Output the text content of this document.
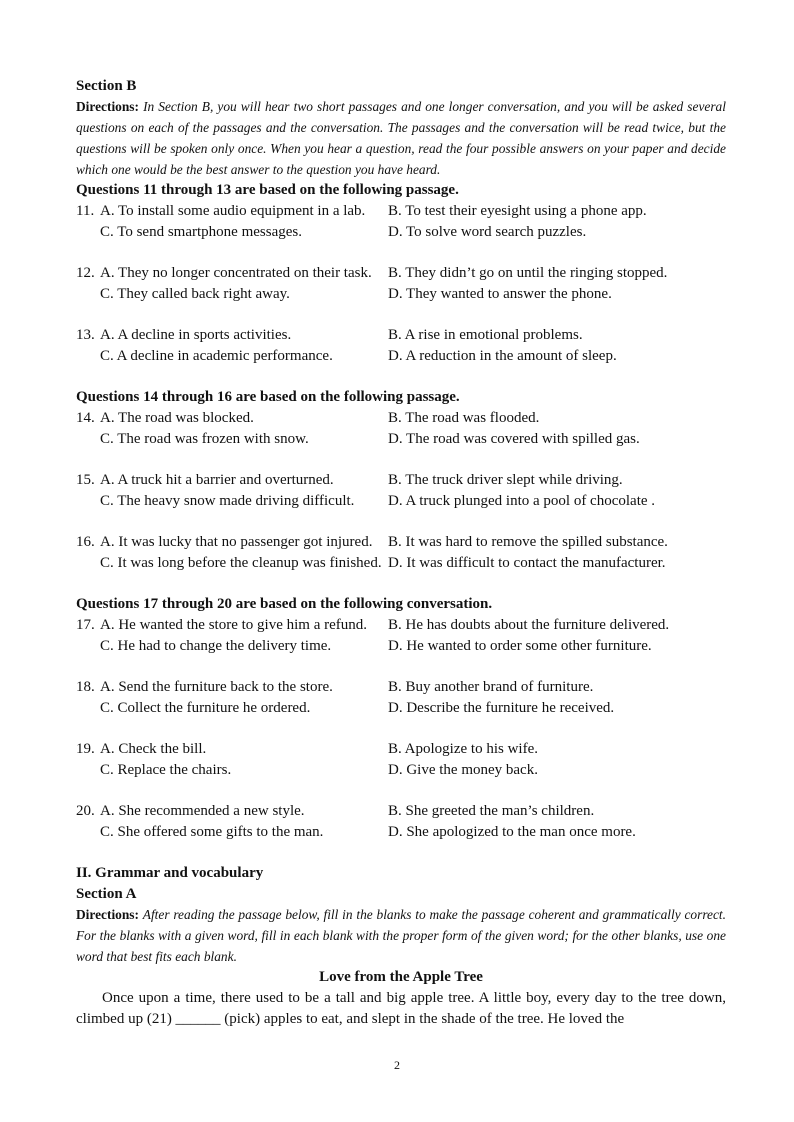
Section B
Directions: In Section B, you will hear two short passages and one longer conversation, and you will be asked several questions on each of the passages and the conversation. The passages and the conversation will be read twice, but the questions will be spoken only once. When you hear a question, read the four possible answers on your paper and decide which one would be the best answer to the question you have heard.
Questions 11 through 13 are based on the following passage.
11. A. To install some audio equipment in a lab.	B. To test their eyesight using a phone app.
C. To send smartphone messages.	D. To solve word search puzzles.
12. A. They no longer concentrated on their task.	B. They didn’t go on until the ringing stopped.
C. They called back right away.	D. They wanted to answer the phone.
13. A. A decline in sports activities.	B. A rise in emotional problems.
C. A decline in academic performance.	D. A reduction in the amount of sleep.
Questions 14 through 16 are based on the following passage.
14. A. The road was blocked.	B. The road was flooded.
C. The road was frozen with snow.	D. The road was covered with spilled gas.
15. A. A truck hit a barrier and overturned.	B. The truck driver slept while driving.
C. The heavy snow made driving difficult.	D. A truck plunged into a pool of chocolate .
16. A. It was lucky that no passenger got injured.	B. It was hard to remove the spilled substance.
C. It was long before the cleanup was finished. D. It was difficult to contact the manufacturer.
Questions 17 through 20 are based on the following conversation.
17. A. He wanted the store to give him a refund.	B. He has doubts about the furniture delivered.
C. He had to change the delivery time.	D. He wanted to order some other furniture.
18. A. Send the furniture back to the store.	B. Buy another brand of furniture.
C. Collect the furniture he ordered.	D. Describe the furniture he received.
19. A. Check the bill.	B. Apologize to his wife.
C. Replace the chairs.	D. Give the money back.
20. A. She recommended a new style.	B. She greeted the man’s children.
C. She offered some gifts to the man.	D. She apologized to the man once more.
II. Grammar and vocabulary
Section A
Directions: After reading the passage below, fill in the blanks to make the passage coherent and grammatically correct. For the blanks with a given word, fill in each blank with the proper form of the given word; for the other blanks, use one word that best fits each blank.
Love from the Apple Tree
Once upon a time, there used to be a tall and big apple tree. A little boy, every day to the tree down, climbed up (21) ______ (pick) apples to eat, and slept in the shade of the tree. He loved the
2
